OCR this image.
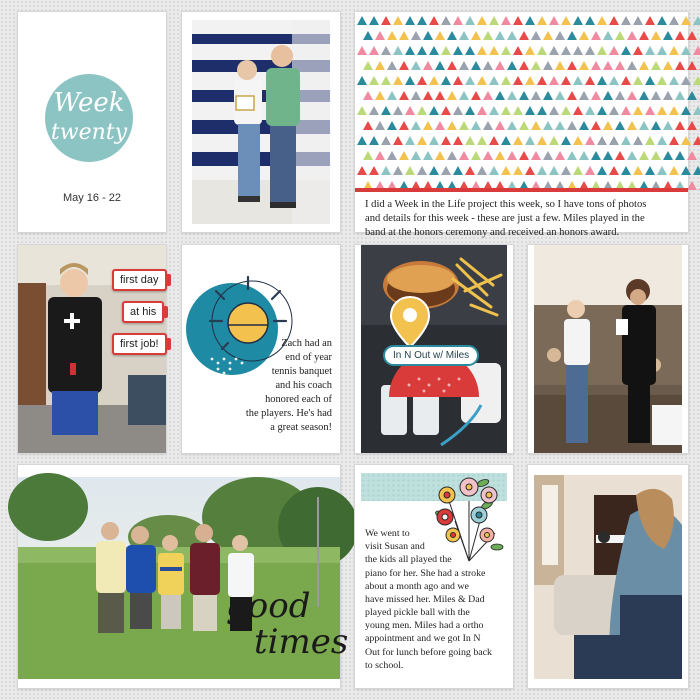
Week
twenty
May 16 - 22
I did a Week in the Life project this week, so I have tons of photos
and details for this week - these are just a few. Miles played in the
band at the honors ceremony and received an honors award.
first day
at his
first job!	Zach had an
end of year
tennis banquet
and his coach
honored each of
the players. He's had
a great season!
In N Out w/ Miles
good
times
We went to
visit Susan and
the kids all played the
piano for her. She had a stroke
about a month ago and we
have missed her. Miles & Dad
played pickle ball with the
young men. Miles had a ortho
appointment and we got In N
Out for lunch before going back
to school.
